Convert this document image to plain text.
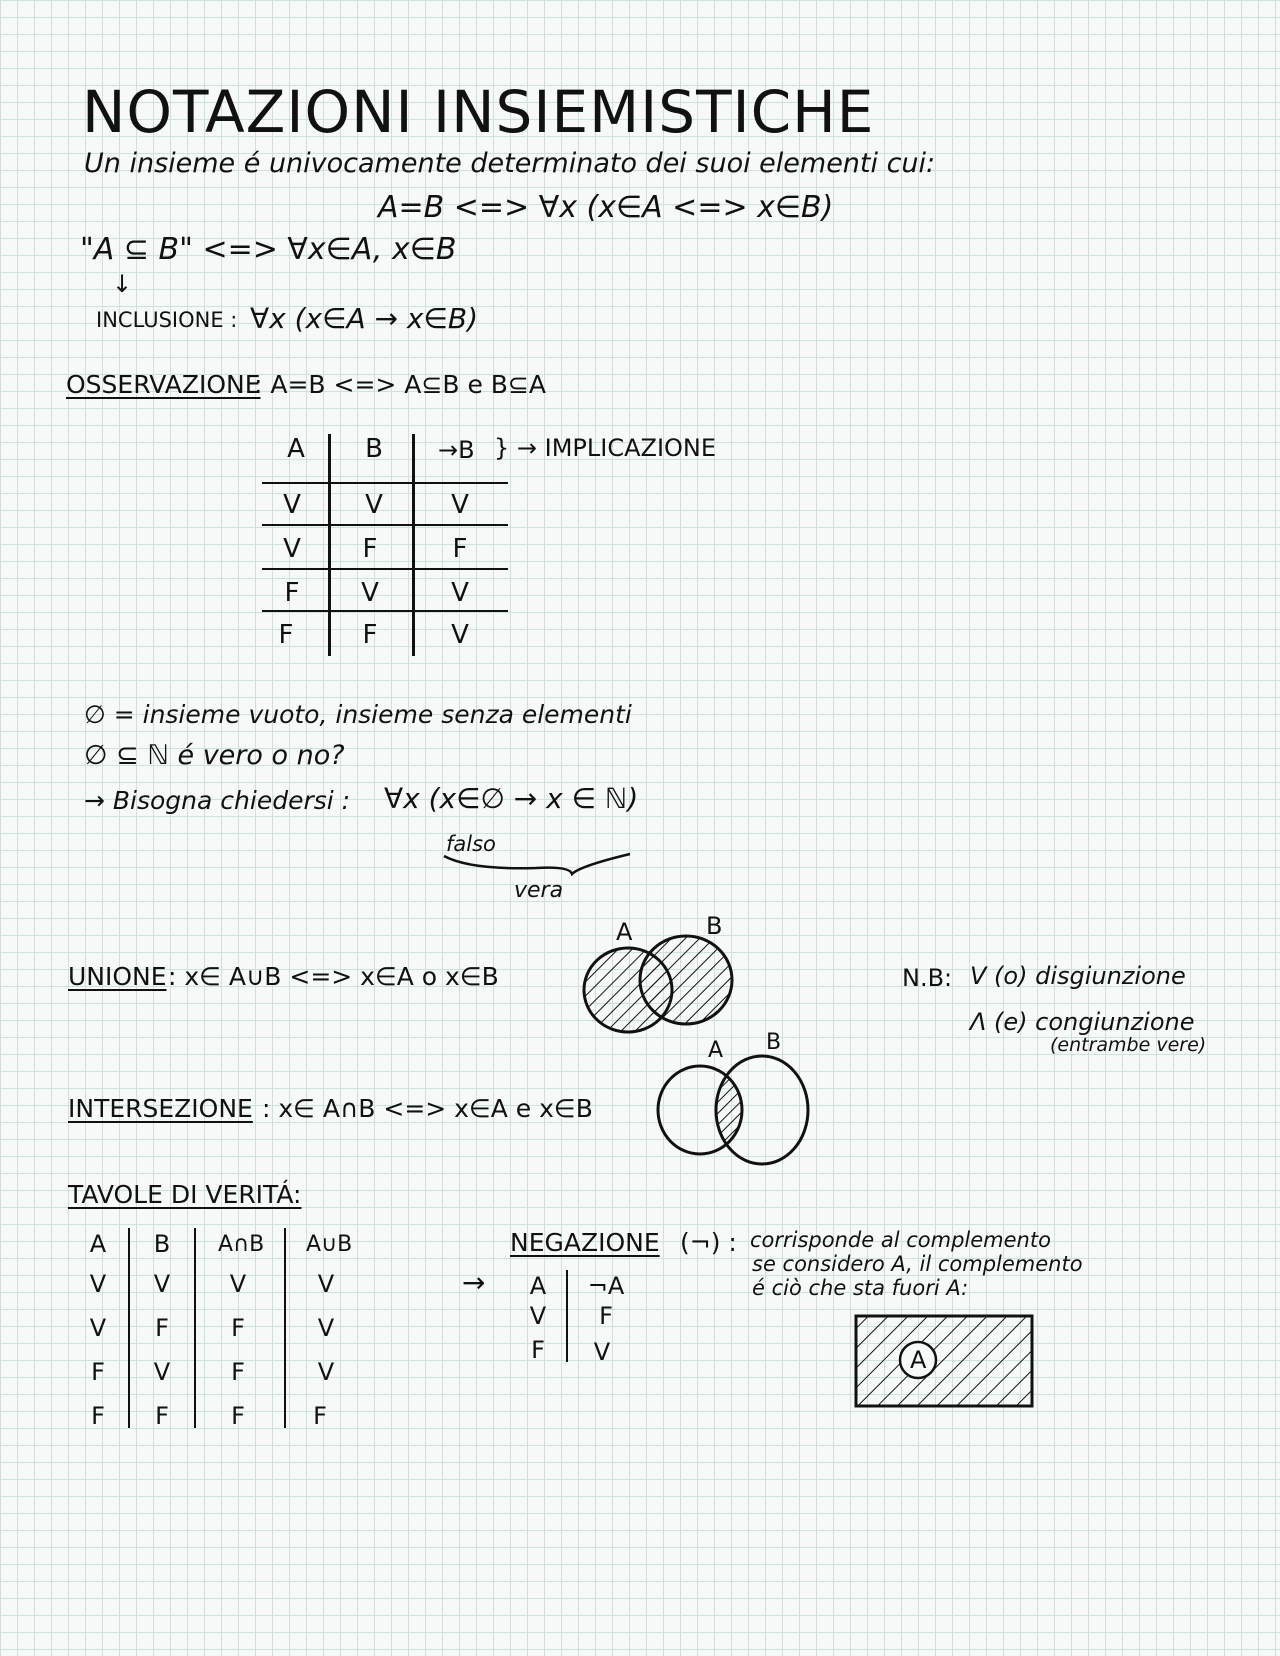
NOTAZIONI INSIEMISTICHE
Un insieme é univocamente determinato dei suoi elementi cui:
A=B <=> ∀x (x∈A <=> x∈B)
"A ⊆ B" <=> ∀x∈A, x∈B
↓
INCLUSIONE : ∀x (x∈A → x∈B)
OSSERVAZIONE
: A=B <=> A⊆B e B⊆A
A	B	→B } → IMPLICAZIONE
V	V	V
V	F	F
F	V	V
F	F	V
∅ = insieme vuoto, insieme senza elementi
∅ ⊆ ℕ é vero o no?
→ Bisogna chiedersi : ∀x (x∈∅ → x ∈ ℕ)
falso
vera
UNIONE : x∈ A∪B <=> x∈A o x∈B
A	B
N.B: V (o) disgiunzione
Λ (e) congiunzione
(entrambe vere)
A B
INTERSEZIONE : x∈ A∩B <=> x∈A e x∈B
TAVOLE DI VERITÁ:
A	B	A∩B A∪B
V	V	V	V
V	F	F	V
F	V	F	V
F	F	F	F
NEGAZIONE (¬) : corrisponde al complemento
se considero A, il complemento
é ciò che sta fuori A:
→	A	¬A
V	F
F	V	A
